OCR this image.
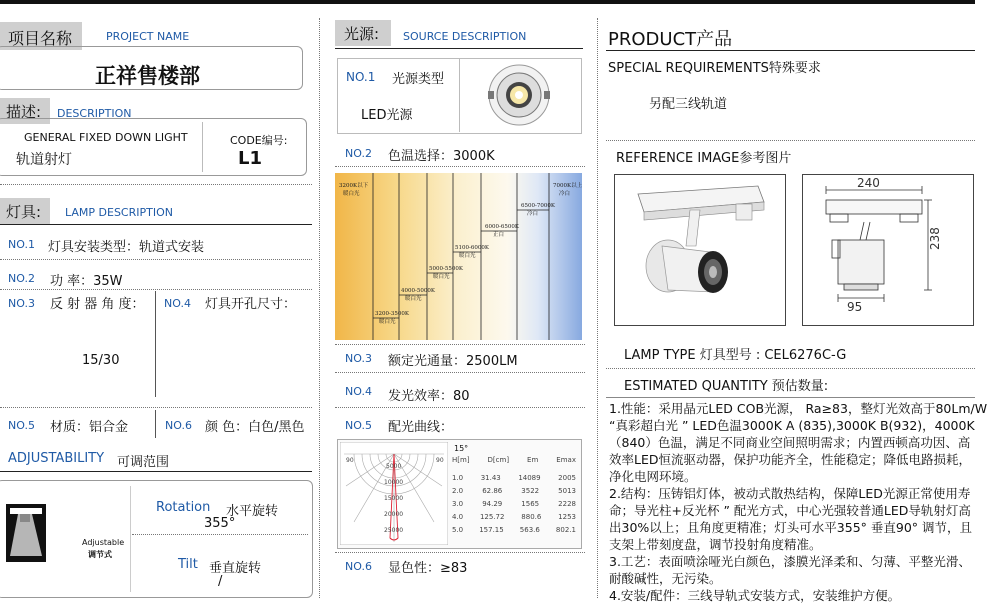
项目名称	PROJECT NAME
正祥售楼部
描述: DESCRIPTION
GENERAL FIXED DOWN LIGHT
轨道射灯
CODE编号:
L1
灯具: LAMP DESCRIPTION
NO.1 灯具安装类型：轨道式安装
NO.2 功 率：35W
NO.3 反 射 器 角 度： NO.4 灯具开孔尺寸：
15/30
NO.5 材质：铝合金	NO.6 颜 色：白色/黑色
ADJUSTABILITY 可调范围
Adjustable
调节式
Rotation 水平旋转
355°
Tilt 垂直旋转
/
光源: SOURCE DESCRIPTION
NO.1 光源类型
LED光源
NO.2 色温选择：3000K
3200K以下
暖白光
3200-3500K
暖白光
4000-5000K
暖白光
5000-5500K
暖白光
5100-6000K
暖白光
6000-6500K
正白
6500-7000K
冷白
7000K以上
冷白
NO.3 额定光通量：2500LM
NO.4 发光效率：80
NO.5 配光曲线：
5000
10000
15000
20000
25000
90	90
15°
H[m]	D[cm]	Em	Emax
1.0	31.43	14089	2005
2.0	62.86	3522	5013
3.0	94.29	1565	2228
4.0 125.72 880.6 1253
5.0 157.15 563.6 802.1
NO.6 显色性：≥83
PRODUCT产品
SPECIAL REQUIREMENTS特殊要求
另配三线轨道
REFERENCE IMAGE参考图片
240
238
95
LAMP TYPE 灯具型号 : CEL6276C-G
ESTIMATED QUANTITY 预估数量:
1.性能：采用晶元LED COB光源， Ra≥83，整灯光效高于80Lm/W
“真彩超白光 ” LED色温3000K A (835),3000K B(932)，4000K
（840）色温，满足不同商业空间照明需求；内置西顿高功因、高
效率LED恒流驱动器，保护功能齐全，性能稳定；降低电路损耗，
净化电网环境。
2.结构：压铸铝灯体，被动式散热结构，保障LED光源正常使用寿
命；导光柱+反光杯 ” 配光方式，中心光强较普通LED导轨射灯高
出30%以上；且角度更精准；灯头可水平355° 垂直90° 调节，且
支架上带刻度盘，调节投射角度精准。
3.工艺：表面喷涂哑光白颜色，漆膜光泽柔和、匀薄、平整光滑、
耐酸碱性，无污染。
4.安装/配件：三线导轨式安装方式，安装维护方便。
